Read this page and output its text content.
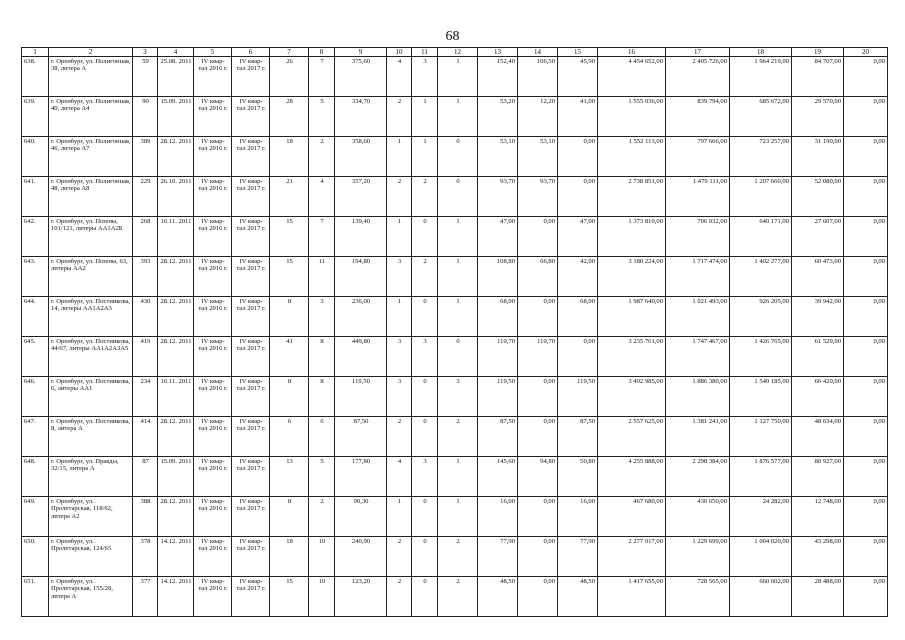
68
1	2	3	4	5	6	7	8	9	10	11	12	13	14	15	16	17	18	19	20
638.	г. Оренбург, ул. Полигонная, 38, литера А	59	25.08. 2011	IV квар- тал 2016 г.	IV квар- тал 2017 г.	26	7	375,60	4	3	1	152,40	106,50	45,90	4 454 652,00	2 405 726,00	1 964 219,00	84 707,00	0,00
639.	г. Оренбург, ул. Полигонная, 40, литера А4	90	15.09. 2011	IV квар- тал 2016 г.	IV квар- тал 2017 г.	28	5	334,70	2	1	1	53,20	12,20	41,00	1 555 036,00	839 794,00	685 672,00	29 570,00	0,00
640.	г. Оренбург, ул. Полигонная, 46, литера А7	389	28.12. 2011	IV квар- тал 2016 г.	IV квар- тал 2017 г.	18	2	358,60	1	1	0	53,10	53,10	0,00	1 552 113,00	797 666,00	723 257,00	31 190,00	0,00
641.	г. Оренбург, ул. Полигонная, 48, литера А8	229	26.10. 2011	IV квар- тал 2016 г.	IV квар- тал 2017 г.	21	4	357,20	2	2	0	93,70	93,70	0,00	2 738 851,00	1 479 111,00	1 207 660,00	52 080,00	0,00
642.	г. Оренбург, ул. Попова, 101/121, литеры АА1А2Б	268	10.11. 2011	IV квар- тал 2016 г.	IV квар- тал 2017 г.	15	7	139,40	1	0	1	47,00	0,00	47,00	1 373 810,00	706 032,00	640 171,00	27 607,00	0,00
643.	г. Оренбург, ул. Попова, 63, литеры АА2	393	28.12. 2011	IV квар- тал 2016 г.	IV квар- тал 2017 г.	15	11	194,80	3	2	1	108,80	66,80	42,00	3 180 224,00	1 717 474,00	1 402 277,00	60 473,00	0,00
644.	г. Оренбург, ул. Постникова, 14, литеры АА1А2А3	430	28.12. 2011	IV квар- тал 2016 г.	IV квар- тал 2017 г.	8	3	236,00	1	0	1	68,00	0,00	68,00	1 987 640,00	1 021 493,00	926 205,00	39 942,00	0,00
645.	г. Оренбург, ул. Постникова, 44/67, литеры АА1А2А3А5	419	28.12. 2011	IV квар- тал 2016 г.	IV квар- тал 2017 г.	41	8	449,80	3	3	0	110,70	110,70	0,00	3 235 761,00	1 747 467,00	1 426 765,00	61 529,00	0,00
646.	г. Оренбург, ул. Постникова, 6, литеры АА1	234	10.11. 2011	IV квар- тал 2016 г.	IV квар- тал 2017 г.	8	8	119,50	3	0	3	119,50	0,00	119,50	3 492 985,00	1 886 380,00	1 540 185,00	66 420,00	0,00
647.	г. Оренбург, ул. Постникова, 8, литера А	414	28.12. 2011	IV квар- тал 2016 г.	IV квар- тал 2017 г.	6	6	87,50	2	0	2	87,50	0,00	87,50	2 557 625,00	1 381 241,00	1 127 750,00	48 634,00	0,00
648.	г. Оренбург, ул. Правды, 32/15, литера А	87	15.09. 2011	IV квар- тал 2016 г.	IV квар- тал 2017 г.	13	5	177,80	4	3	1	145,60	94,80	50,80	4 255 888,00	2 298 384,00	1 876 577,00	80 927,00	0,00
649.	г. Оренбург, ул. Пролетарская, 118/62, литера А2	388	28.12. 2011	IV квар- тал 2016 г.	IV квар- тал 2017 г.	8	2	90,30	1	0	1	16,00	0,00	16,00	467 680,00	430 650,00	24 282,00	12 748,00	0,00
650.	г. Оренбург, ул. Пролетарская, 124/65	378	14.12. 2011	IV квар- тал 2016 г.	IV квар- тал 2017 г.	18	10	240,90	2	0	2	77,90	0,00	77,90	2 277 017,00	1 229 699,00	1 004 020,00	43 298,00	0,00
651.	г. Оренбург, ул. Пролетарская, 155/28, литера А	377	14.12. 2011	IV квар- тал 2016 г.	IV квар- тал 2017 г.	15	10	123,20	2	0	2	48,50	0,00	48,50	1 417 655,00	728 565,00	660 602,00	28 488,00	0,00
